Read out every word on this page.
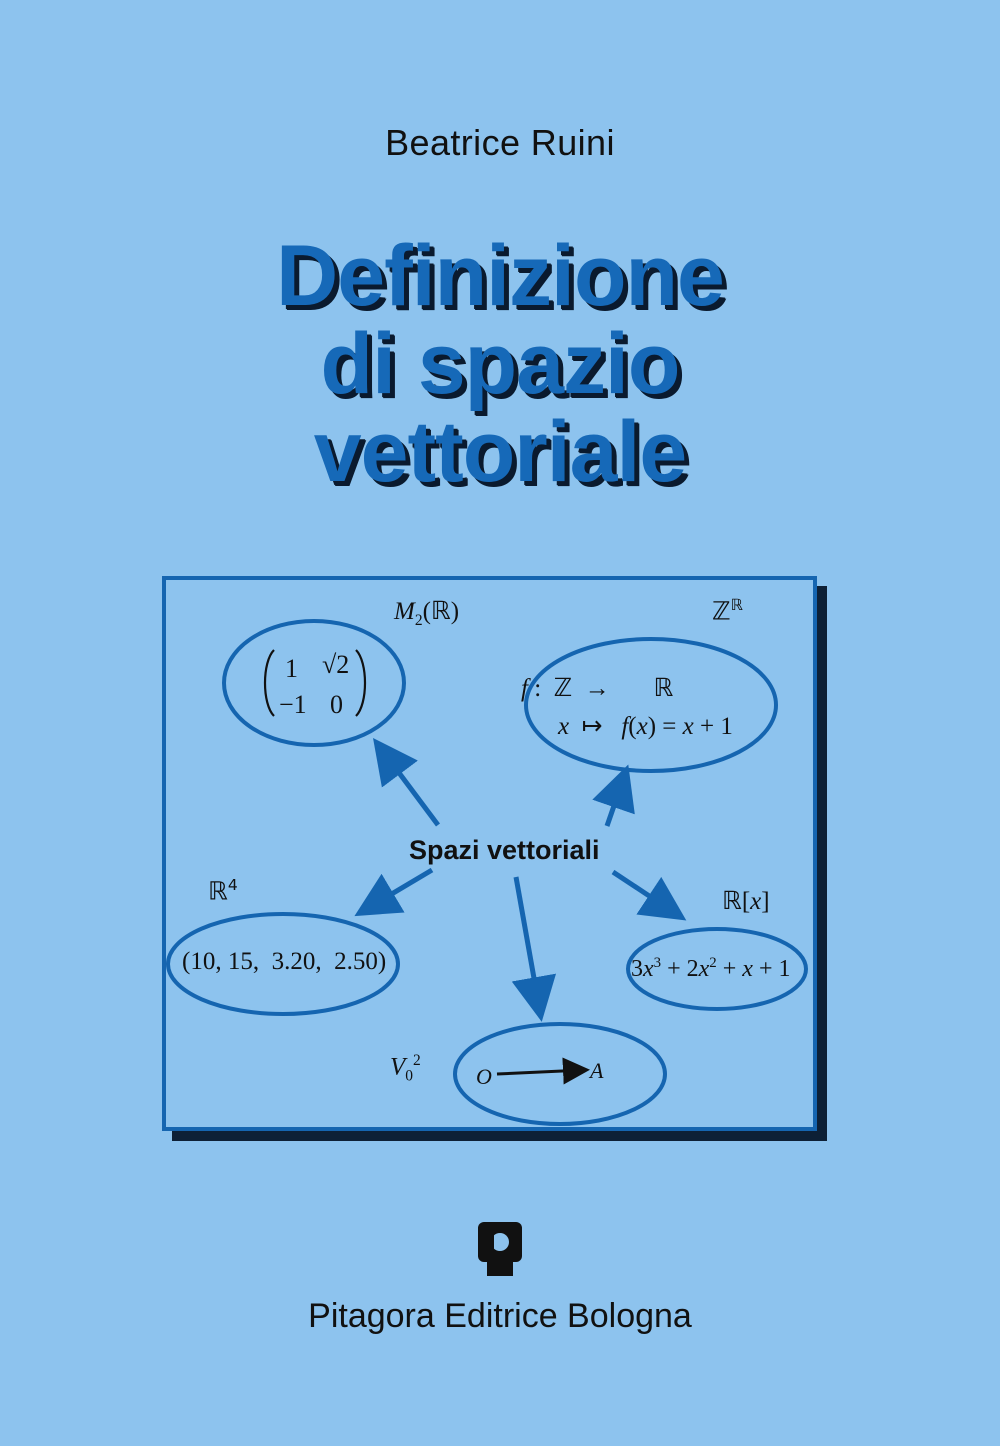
Beatrice Ruini
Definizione
di spazio
vettoriale
$M_2(ℝ)$
1 √2
−1 0
ℤ$^ℝ$
f :  ℤ  →       ℝ
x  ↦   f(x) = x + 1
Spazi vettoriali
ℝ$^4$
(10, 15,  3.20,  2.50)
ℝ[x]
$3x^3 + 2x^2 + x + 1$
$V_0^2$
O	A
Pitagora Editrice Bologna
